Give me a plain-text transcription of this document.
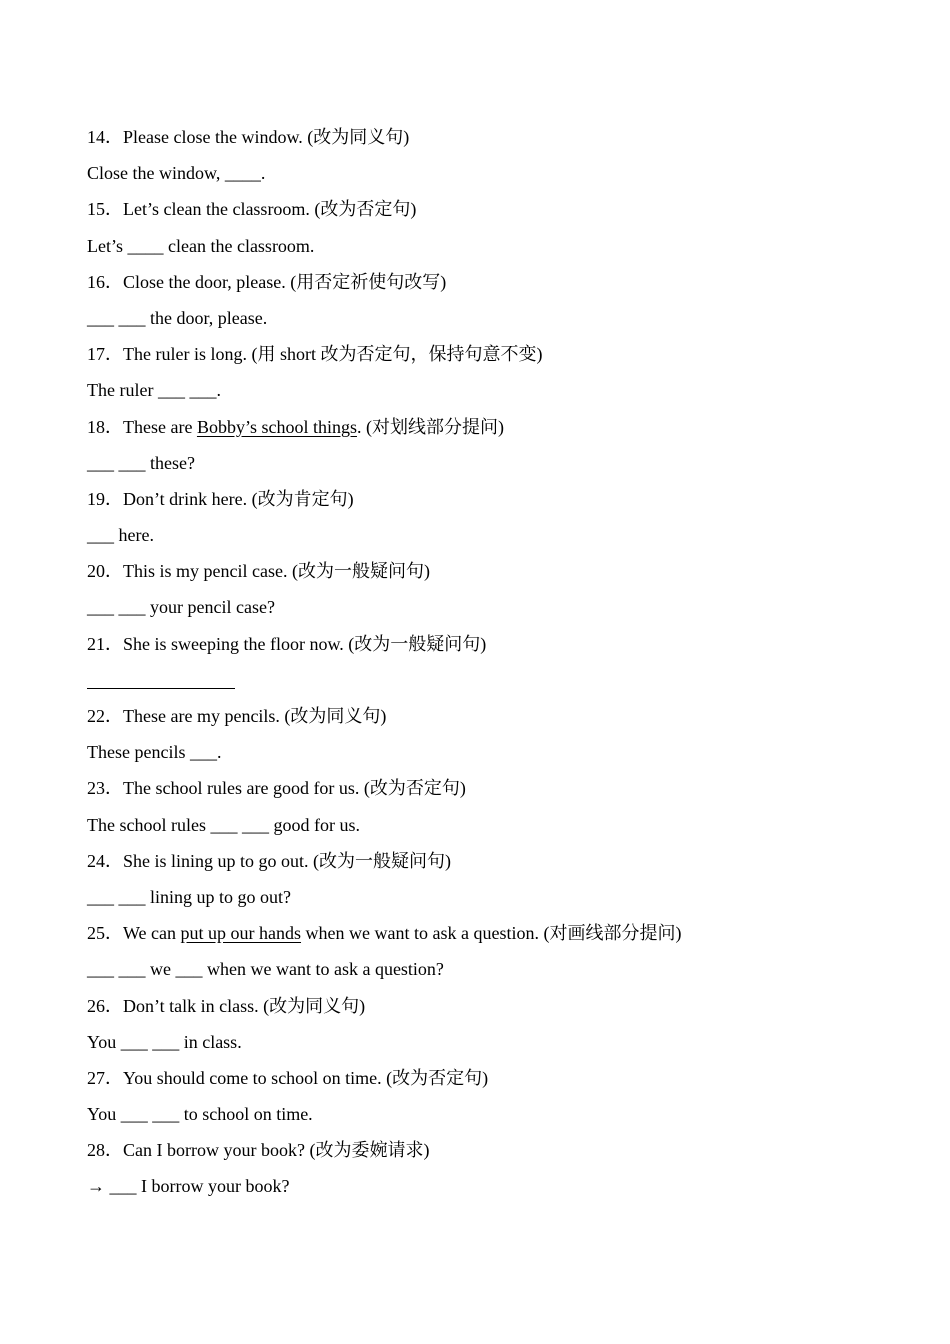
14．Please close the window. (改为同义句)
Close the window, ____.
15．Let’s clean the classroom. (改为否定句)
Let’s ____ clean the classroom.
16．Close the door, please. (用否定祈使句改写)
___ ___ the door, please.
17．The ruler is long. (用 short 改为否定句，保持句意不变)
The ruler ___ ___.
18．These are Bobby’s school things. (对划线部分提问)
___ ___ these?
19．Don’t drink here. (改为肯定句)
___ here.
20．This is my pencil case. (改为一般疑问句)
___ ___ your pencil case?
21．She is sweeping the floor now. (改为一般疑问句)
22．These are my pencils. (改为同义句)
These pencils ___.
23．The school rules are good for us. (改为否定句)
The school rules ___ ___ good for us.
24．She is lining up to go out. (改为一般疑问句)
___ ___ lining up to go out?
25．We can put up our hands when we want to ask a question. (对画线部分提问)
___ ___ we ___ when we want to ask a question?
26．Don’t talk in class. (改为同义句)
You ___ ___ in class.
27．You should come to school on time. (改为否定句)
You ___ ___ to school on time.
28．Can I borrow your book? (改为委婉请求)
→ ___ I borrow your book?
